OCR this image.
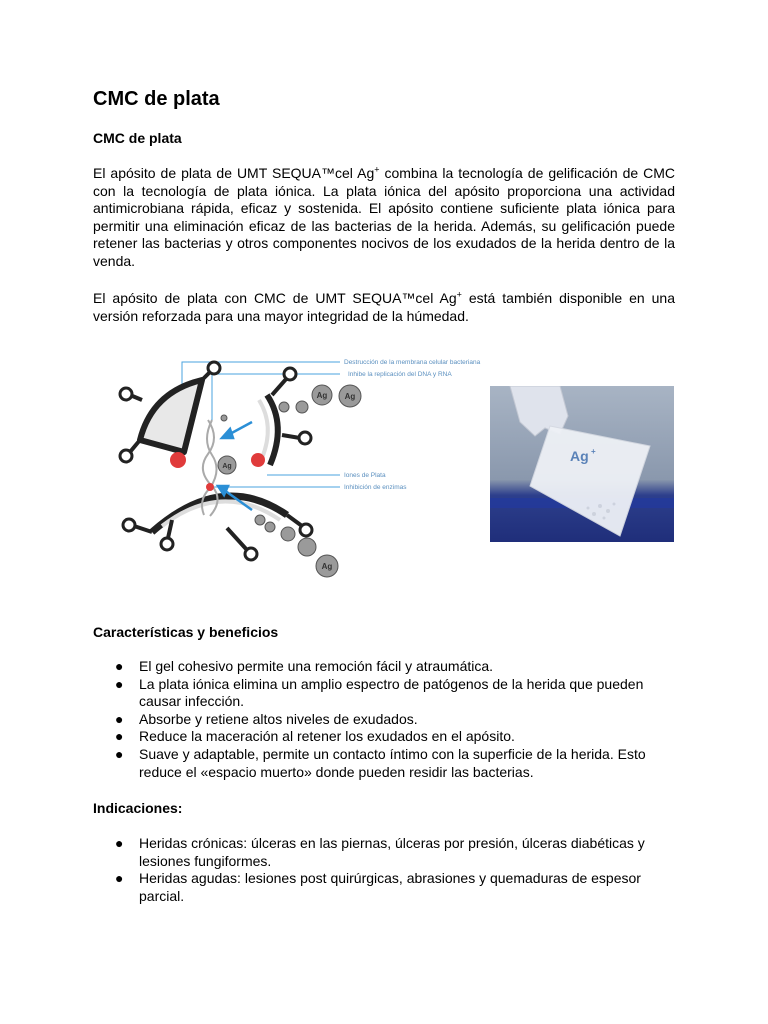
CMC de plata

CMC de plata

El apósito de plata de UMT SEQUA™cel Ag+ combina la tecnología de gelificación de CMC con la tecnología de plata iónica. La plata iónica del apósito proporciona una actividad antimicrobiana rápida, eficaz y sostenida. El apósito contiene suficiente plata iónica para permitir una eliminación eficaz de las bacterias de la herida. Además, su gelificación puede retener las bacterias y otros componentes nocivos de los exudados de la herida dentro de la venda.

El apósito de plata con CMC de UMT SEQUA™cel Ag+ está también disponible en una versión reforzada para una mayor integridad de la húmedad.

Características y beneficios

● El gel cohesivo permite una remoción fácil y atraumática.
● La plata iónica elimina un amplio espectro de patógenos de la herida que pueden causar infección.
● Absorbe y retiene altos niveles de exudados.
● Reduce la maceración al retener los exudados en el apósito.
● Suave y adaptable, permite un contacto íntimo con la superficie de la herida. Esto reduce el «espacio muerto» donde pueden residir las bacterias.

Indicaciones:

● Heridas crónicas: úlceras en las piernas, úlceras por presión, úlceras diabéticas y lesiones fungiformes.
● Heridas agudas: lesiones post quirúrgicas, abrasiones y quemaduras de espesor parcial.
Destrucción de la membrana celular bacteriana
Inhibe la replicación del DNA y RNA
Iones de Plata
Inhibición de enzimas
Ag Ag
Ag
Ag
Ag +
